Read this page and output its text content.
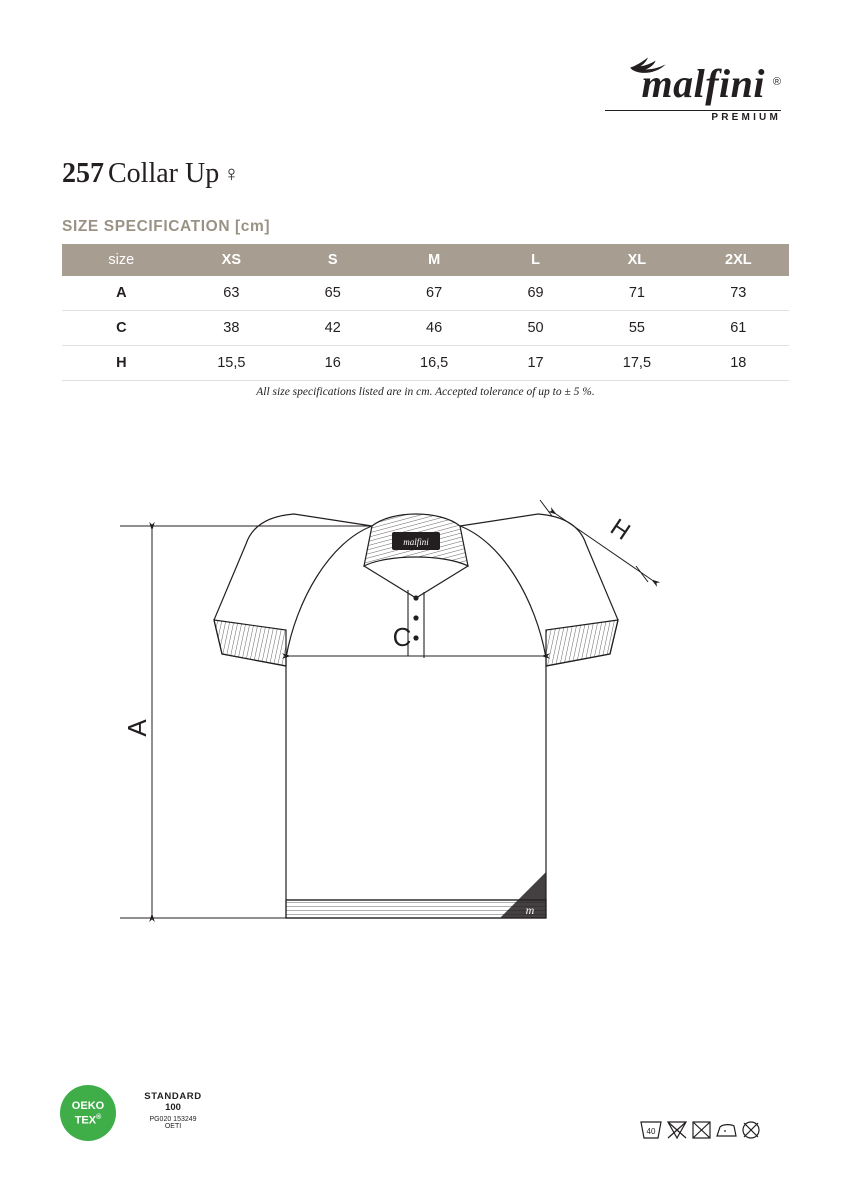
malfini ®
PREMIUM
257 Collar Up ♀
SIZE SPECIFICATION [cm]
size	XS	S	M	L	XL	2XL
A	63	65	67	69	71	73
C	38	42	46	50	55	61
H	15,5	16	16,5	17	17,5	18
All size specifications listed are in cm. Accepted tolerance of up to ± 5 %.
malfini
m
A
C
H
OEKO
TEX®
STANDARD
100
PG020 153249
OETI
40
